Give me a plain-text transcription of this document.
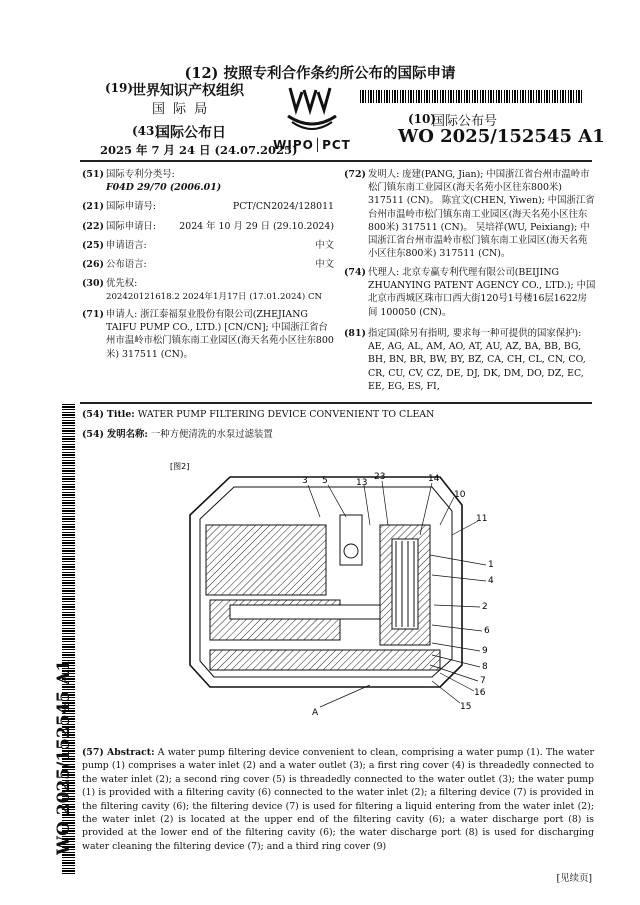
(12) 按照专利合作条约所公布的国际申请
(19)
世界知识产权组织
国 际 局
(43)
国际公布日
2025 年 7 月 24 日 (24.07.2025)
WIPO│PCT
(10)
国际公布号
WO 2025/152545 A1
(51) 国际专利分类号:
F04D 29/70 (2006.01)
(21) 国际申请号:	PCT/CN2024/128011
(22) 国际申请日: 2024 年 10 月 29 日 (29.10.2024)
(25) 申请语言:	中文
(26) 公布语言:	中文
(30) 优先权:
202420121618.2 2024年1月17日 (17.01.2024) CN
(71) 申请人: 浙江泰福泵业股份有限公司(ZHEJIANG TAIFU PUMP CO., LTD.) [CN/CN]; 中国浙江省台州市温岭市松门镇东南工业园区(海天名苑小区往东800米) 317511 (CN)。
(72) 发明人: 庞建(PANG, Jian); 中国浙江省台州市温岭市松门镇东南工业园区(海天名苑小区往东800米) 317511 (CN)。 陈宜文(CHEN, Yiwen); 中国浙江省台州市温岭市松门镇东南工业园区(海天名苑小区往东800米) 317511 (CN)。 吴培祥(WU, Peixiang); 中国浙江省台州市温岭市松门镇东南工业园区(海天名苑小区往东800米) 317511 (CN)。
(74) 代理人: 北京专赢专利代理有限公司(BEIJING ZHUANYING PATENT AGENCY CO., LTD.); 中国北京市西城区珠市口西大街120号1号楼16层1622房间 100050 (CN)。
(81) 指定国(除另有指明, 要求每一种可提供的国家保护): AE, AG, AL, AM, AO, AT, AU, AZ, BA, BB, BG, BH, BN, BR, BW, BY, BZ, CA, CH, CL, CN, CO, CR, CU, CV, CZ, DE, DJ, DK, DM, DO, DZ, EC, EE, EG, ES, FI,
(54) Title: WATER PUMP FILTERING DEVICE CONVENIENT TO CLEAN
(54) 发明名称: 一种方便清洗的水泵过滤装置
[图2]
3 5	13
23	14
10
11
1
4
2
6
9
8
7
16
15
A
(57) Abstract: A water pump filtering device convenient to clean, comprising a water pump (1). The water pump (1) comprises a water inlet (2) and a water outlet (3); a first ring cover (4) is threadedly connected to the water inlet (2); a second ring cover (5) is threadedly connected to the water outlet (3); the water pump (1) is provided with a filtering cavity (6) connected to the water inlet (2); a filtering device (7) is provided in the filtering cavity (6); the filtering device (7) is used for filtering a liquid entering from the water inlet (2); the water inlet (2) is located at the upper end of the filtering cavity (6); a water discharge port (8) is provided at the lower end of the filtering cavity (6); the water discharge port (8) is used for discharging water cleaning the filtering device (7); and a third ring cover (9)
WO 2025/152545 A1
[见续页]
